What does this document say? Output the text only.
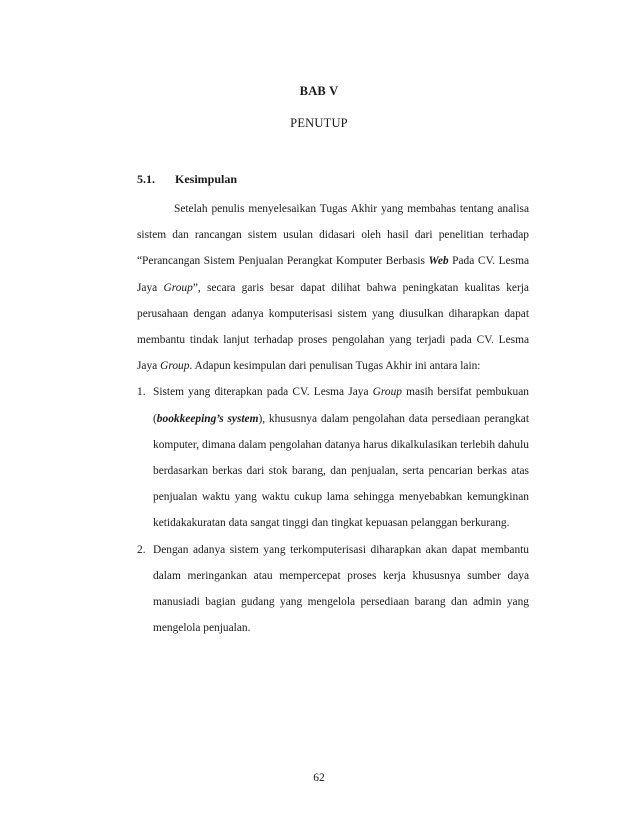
BAB V
PENUTUP
5.1. Kesimpulan

Setelah penulis menyelesaikan Tugas Akhir yang membahas tentang analisa sistem dan rancangan sistem usulan didasari oleh hasil dari penelitian terhadap “Perancangan Sistem Penjualan Perangkat Komputer Berbasis Web Pada CV. Lesma Jaya Group”, secara garis besar dapat dilihat bahwa peningkatan kualitas kerja perusahaan dengan adanya komputerisasi sistem yang diusulkan diharapkan dapat membantu tindak lanjut terhadap proses pengolahan yang terjadi pada CV. Lesma Jaya Group. Adapun kesimpulan dari penulisan Tugas Akhir ini antara lain:

1. Sistem yang diterapkan pada CV. Lesma Jaya Group masih bersifat pembukuan (bookkeeping’s system), khususnya dalam pengolahan data persediaan perangkat komputer, dimana dalam pengolahan datanya harus dikalkulasikan terlebih dahulu berdasarkan berkas dari stok barang, dan penjualan, serta pencarian berkas atas penjualan waktu yang waktu cukup lama sehingga menyebabkan kemungkinan ketidakakuratan data sangat tinggi dan tingkat kepuasan pelanggan berkurang.
2. Dengan adanya sistem yang terkomputerisasi diharapkan akan dapat membantu dalam meringankan atau mempercepat proses kerja khususnya sumber daya manusiadi bagian gudang yang mengelola persediaan barang dan admin yang mengelola penjualan.
62
